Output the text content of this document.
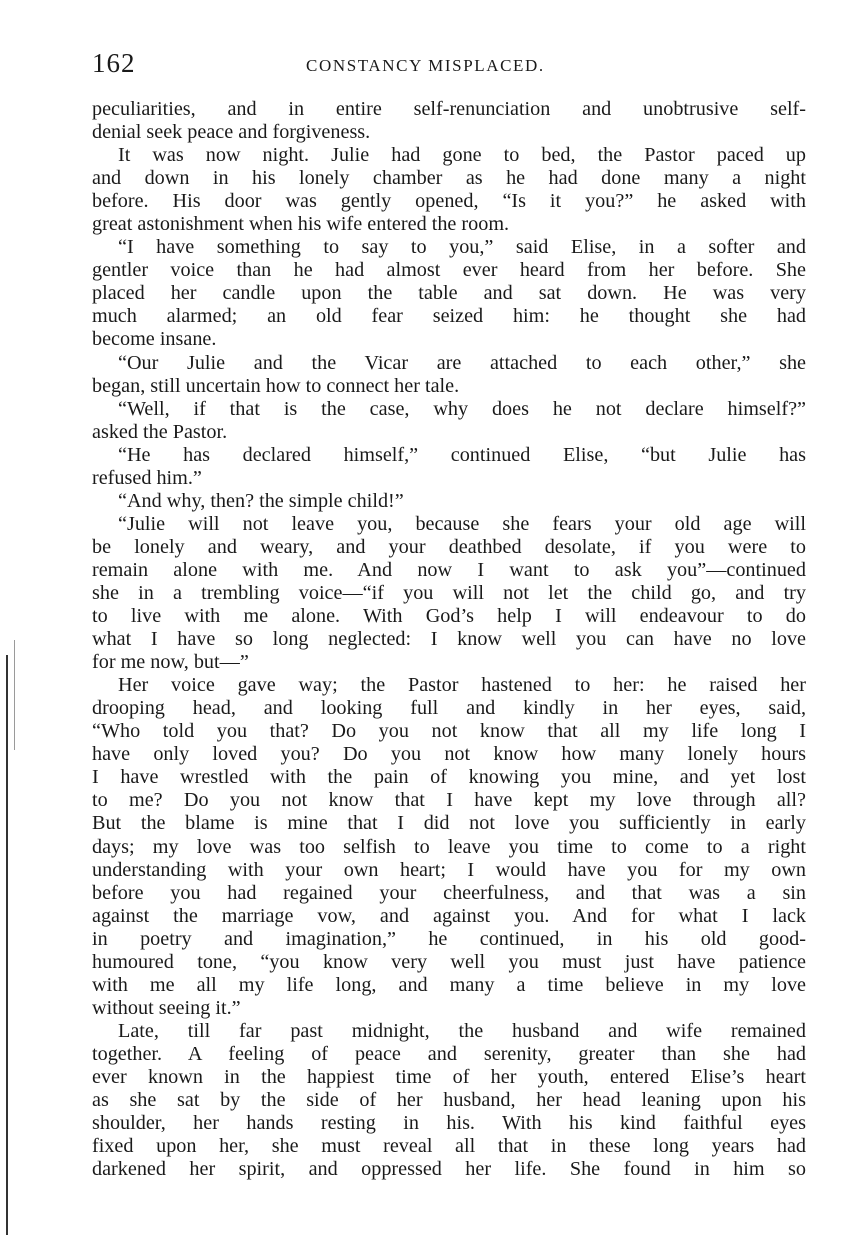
162	CONSTANCY MISPLACED.
peculiarities, and in entire self-renunciation and unobtrusive self-
denial seek peace and forgiveness.
It was now night. Julie had gone to bed, the Pastor paced up
and down in his lonely chamber as he had done many a night
before. His door was gently opened, “Is it you?” he asked with
great astonishment when his wife entered the room.
“I have something to say to you,” said Elise, in a softer and
gentler voice than he had almost ever heard from her before. She
placed her candle upon the table and sat down. He was very
much alarmed; an old fear seized him: he thought she had
become insane.
“Our Julie and the Vicar are attached to each other,” she
began, still uncertain how to connect her tale.
“Well, if that is the case, why does he not declare himself?”
asked the Pastor.
“He has declared himself,” continued Elise, “but Julie has
refused him.”
“And why, then? the simple child!”
“Julie will not leave you, because she fears your old age will
be lonely and weary, and your deathbed desolate, if you were to
remain alone with me. And now I want to ask you”—continued
she in a trembling voice—“if you will not let the child go, and try
to live with me alone. With God’s help I will endeavour to do
what I have so long neglected: I know well you can have no love
for me now, but—”
Her voice gave way; the Pastor hastened to her: he raised her
drooping head, and looking full and kindly in her eyes, said,
“Who told you that? Do you not know that all my life long I
have only loved you? Do you not know how many lonely hours
I have wrestled with the pain of knowing you mine, and yet lost
to me? Do you not know that I have kept my love through all?
But the blame is mine that I did not love you sufficiently in early
days; my love was too selfish to leave you time to come to a right
understanding with your own heart; I would have you for my own
before you had regained your cheerfulness, and that was a sin
against the marriage vow, and against you. And for what I lack
in poetry and imagination,” he continued, in his old good-
humoured tone, “you know very well you must just have patience
with me all my life long, and many a time believe in my love
without seeing it.”
Late, till far past midnight, the husband and wife remained
together. A feeling of peace and serenity, greater than she had
ever known in the happiest time of her youth, entered Elise’s heart
as she sat by the side of her husband, her head leaning upon his
shoulder, her hands resting in his. With his kind faithful eyes
fixed upon her, she must reveal all that in these long years had
darkened her spirit, and oppressed her life. She found in him so
